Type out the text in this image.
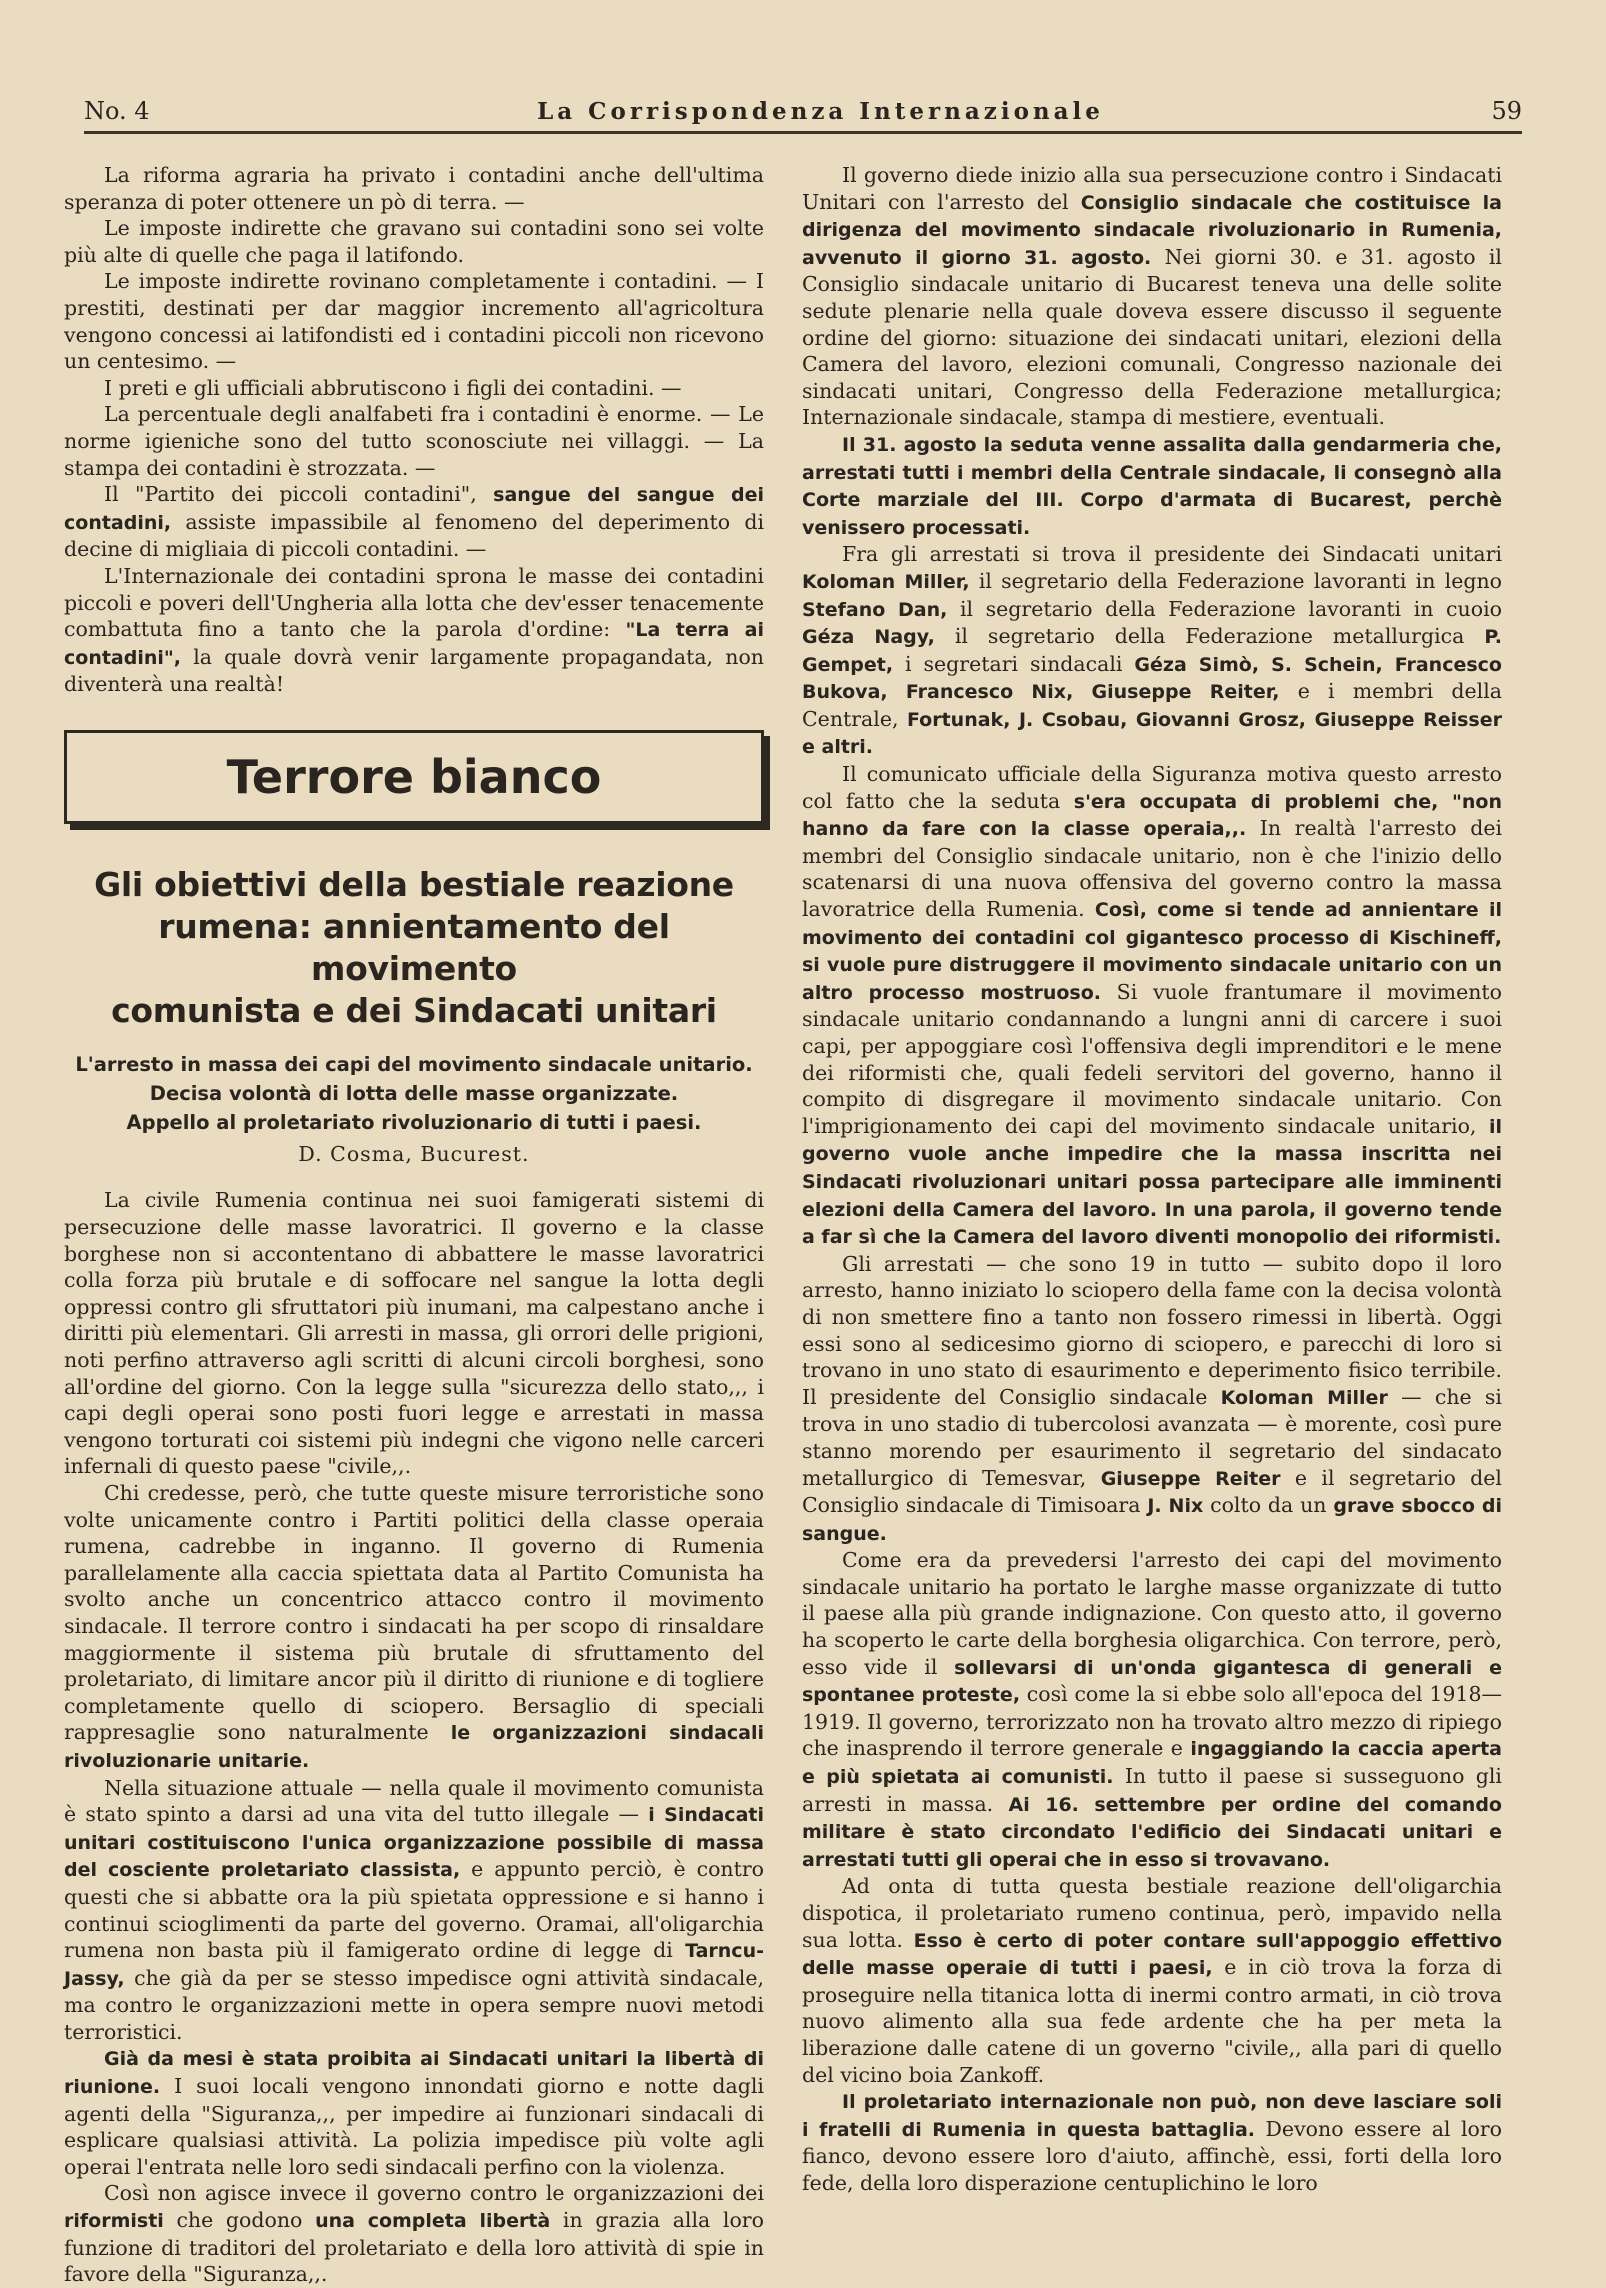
No. 4	La Corrispondenza Internazionale	59

La riforma agraria ha privato i contadini anche dell'ultima speranza di poter ottenere un pò di terra. —

Le imposte indirette che gravano sui contadini sono sei volte più alte di quelle che paga il latifondo.

Le imposte indirette rovinano completamente i contadini. — I prestiti, destinati per dar maggior incremento all'agricoltura vengono concessi ai latifondisti ed i contadini piccoli non ricevono un centesimo. —

I preti e gli ufficiali abbrutiscono i figli dei contadini. —

La percentuale degli analfabeti fra i contadini è enorme. — Le norme igieniche sono del tutto sconosciute nei villaggi. — La stampa dei contadini è strozzata. —

Il "Partito dei piccoli contadini", sangue del sangue dei contadini, assiste impassibile al fenomeno del deperimento di decine di migliaia di piccoli contadini. —

L'Internazionale dei contadini sprona le masse dei contadini piccoli e poveri dell'Ungheria alla lotta che dev'esser tenacemente combattuta fino a tanto che la parola d'ordine: "La terra ai contadini", la quale dovrà venir largamente propagandata, non diventerà una realtà!

Terrore bianco
Gli obiettivi della bestiale reazione
rumena: annientamento del movimento
comunista e dei Sindacati unitari
L'arresto in massa dei capi del movimento sindacale unitario.
Decisa volontà di lotta delle masse organizzate.
Appello al proletariato rivoluzionario di tutti i paesi.
D. Cosma, Bucurest.

La civile Rumenia continua nei suoi famigerati sistemi di persecuzione delle masse lavoratrici. Il governo e la classe borghese non si accontentano di abbattere le masse lavoratrici colla forza più brutale e di soffocare nel sangue la lotta degli oppressi contro gli sfruttatori più inumani, ma calpestano anche i diritti più elementari. Gli arresti in massa, gli orrori delle prigioni, noti perfino attraverso agli scritti di alcuni circoli borghesi, sono all'ordine del giorno. Con la legge sulla "sicurezza dello stato,,, i capi degli operai sono posti fuori legge e arrestati in massa vengono torturati coi sistemi più indegni che vigono nelle carceri infernali di questo paese "civile,,.

Chi credesse, però, che tutte queste misure terroristiche sono volte unicamente contro i Partiti politici della classe operaia rumena, cadrebbe in inganno. Il governo di Rumenia parallelamente alla caccia spiettata data al Partito Comunista ha svolto anche un concentrico attacco contro il movimento sindacale. Il terrore contro i sindacati ha per scopo di rinsaldare maggiormente il sistema più brutale di sfruttamento del proletariato, di limitare ancor più il diritto di riunione e di togliere completamente quello di sciopero. Bersaglio di speciali rappresaglie sono naturalmente le organizzazioni sindacali rivoluzionarie unitarie.

Nella situazione attuale — nella quale il movimento comunista è stato spinto a darsi ad una vita del tutto illegale — i Sindacati unitari costituiscono l'unica organizzazione possibile di massa del cosciente proletariato classista, e appunto perciò, è contro questi che si abbatte ora la più spietata oppressione e si hanno i continui scioglimenti da parte del governo. Oramai, all'oligarchia rumena non basta più il famigerato ordine di legge di Tarncu-Jassy, che già da per se stesso impedisce ogni attività sindacale, ma contro le organizzazioni mette in opera sempre nuovi metodi terroristici.

Già da mesi è stata proibita ai Sindacati unitari la libertà di riunione. I suoi locali vengono innondati giorno e notte dagli agenti della "Siguranza,,, per impedire ai funzionari sindacali di esplicare qualsiasi attività. La polizia impedisce più volte agli operai l'entrata nelle loro sedi sindacali perfino con la violenza.

Così non agisce invece il governo contro le organizzazioni dei riformisti che godono una completa libertà in grazia alla loro funzione di traditori del proletariato e della loro attività di spie in favore della "Siguranza,,.

Il governo diede inizio alla sua persecuzione contro i Sindacati Unitari con l'arresto del Consiglio sindacale che costituisce la dirigenza del movimento sindacale rivoluzionario in Rumenia, avvenuto il giorno 31. agosto. Nei giorni 30. e 31. agosto il Consiglio sindacale unitario di Bucarest teneva una delle solite sedute plenarie nella quale doveva essere discusso il seguente ordine del giorno: situazione dei sindacati unitari, elezioni della Camera del lavoro, elezioni comunali, Congresso nazionale dei sindacati unitari, Congresso della Federazione metallurgica; Internazionale sindacale, stampa di mestiere, eventuali.

Il 31. agosto la seduta venne assalita dalla gendarmeria che, arrestati tutti i membri della Centrale sindacale, li consegnò alla Corte marziale del III. Corpo d'armata di Bucarest, perchè venissero processati.

Fra gli arrestati si trova il presidente dei Sindacati unitari Koloman Miller, il segretario della Federazione lavoranti in legno Stefano Dan, il segretario della Federazione lavoranti in cuoio Géza Nagy, il segretario della Federazione metallurgica P. Gempet, i segretari sindacali Géza Simò, S. Schein, Francesco Bukova, Francesco Nix, Giuseppe Reiter, e i membri della Centrale, Fortunak, J. Csobau, Giovanni Grosz, Giuseppe Reisser e altri.

Il comunicato ufficiale della Siguranza motiva questo arresto col fatto che la seduta s'era occupata di problemi che, "non hanno da fare con la classe operaia,,. In realtà l'arresto dei membri del Consiglio sindacale unitario, non è che l'inizio dello scatenarsi di una nuova offensiva del governo contro la massa lavoratrice della Rumenia. Così, come si tende ad annientare il movimento dei contadini col gigantesco processo di Kischineff, si vuole pure distruggere il movimento sindacale unitario con un altro processo mostruoso. Si vuole frantumare il movimento sindacale unitario condannando a lungni anni di carcere i suoi capi, per appoggiare così l'offensiva degli imprenditori e le mene dei riformisti che, quali fedeli servitori del governo, hanno il compito di disgregare il movimento sindacale unitario. Con l'imprigionamento dei capi del movimento sindacale unitario, il governo vuole anche impedire che la massa inscritta nei Sindacati rivoluzionari unitari possa partecipare alle imminenti elezioni della Camera del lavoro. In una parola, il governo tende a far sì che la Camera del lavoro diventi monopolio dei riformisti.

Gli arrestati — che sono 19 in tutto — subito dopo il loro arresto, hanno iniziato lo sciopero della fame con la decisa volontà di non smettere fino a tanto non fossero rimessi in libertà. Oggi essi sono al sedicesimo giorno di sciopero, e parecchi di loro si trovano in uno stato di esaurimento e deperimento fisico terribile. Il presidente del Consiglio sindacale Koloman Miller — che si trova in uno stadio di tubercolosi avanzata — è morente, così pure stanno morendo per esaurimento il segretario del sindacato metallurgico di Temesvar, Giuseppe Reiter e il segretario del Consiglio sindacale di Timisoara J. Nix colto da un grave sbocco di sangue.

Come era da prevedersi l'arresto dei capi del movimento sindacale unitario ha portato le larghe masse organizzate di tutto il paese alla più grande indignazione. Con questo atto, il governo ha scoperto le carte della borghesia oligarchica. Con terrore, però, esso vide il sollevarsi di un'onda gigantesca di generali e spontanee proteste, così come la si ebbe solo all'epoca del 1918—1919. Il governo, terrorizzato non ha trovato altro mezzo di ripiego che inasprendo il terrore generale e ingaggiando la caccia aperta e più spietata ai comunisti. In tutto il paese si susseguono gli arresti in massa. Ai 16. settembre per ordine del comando militare è stato circondato l'edificio dei Sindacati unitari e arrestati tutti gli operai che in esso si trovavano.

Ad onta di tutta questa bestiale reazione dell'oligarchia dispotica, il proletariato rumeno continua, però, impavido nella sua lotta. Esso è certo di poter contare sull'appoggio effettivo delle masse operaie di tutti i paesi, e in ciò trova la forza di proseguire nella titanica lotta di inermi contro armati, in ciò trova nuovo alimento alla sua fede ardente che ha per meta la liberazione dalle catene di un governo "civile,, alla pari di quello del vicino boia Zankoff.

Il proletariato internazionale non può, non deve lasciare soli i fratelli di Rumenia in questa battaglia. Devono essere al loro fianco, devono essere loro d'aiuto, affinchè, essi, forti della loro fede, della loro disperazione centuplichino le loro
